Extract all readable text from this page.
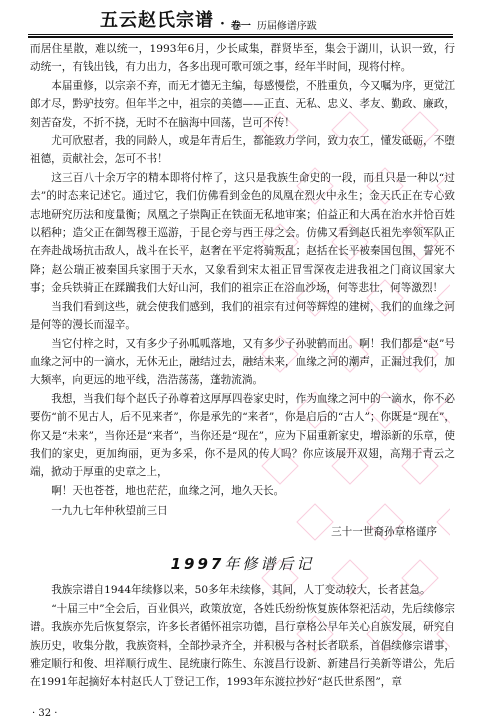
五云赵氏宗谱 · 卷一 历届修谱序跋

而居住星散，难以统一，1993年6月，少长咸集，群贤毕至，集会于湖川，认识一致，行动统一，有钱出钱，有力出力，各多出现可歌可颂之事，经年半时间，现将付梓。

本届重修，以宗亲不弃，而无才德无主编，每感慢偿，不胜重负，今又嘱为序，更觉江郎才尽，黔驴技穷。但年半之中，祖宗的美德——正直、无私、忠义、孝友、勤政、廉政，刻苦奋发，不折不挠，无时不在脑海中回荡，岂可不传！

尤可欣慰者，我的同龄人，或是年青后生，都能致力学问，致力农工，懂发砥砺，不堕祖德，贡献社会，怎可不书！

这三百八十余万字的精本即将付梓了，这只是我族生命史的一段，而且只是一种以“过去”的时态来记述它。通过它，我们仿佛看到金色的凤凰在烈火中永生；金天氏正在专心致志地研究历法和度量衡；凤凰之子崇陶正在铁面无私地审案；伯益正和大禹在治水并恰百姓以稻种；造父正在御驾穆王巡游，于昆仑旁与西王母之会。仿佛又看到赵氏祖先率领军队正在奔赴战场抗击敌人，战斗在长平，赵奢在平定将骑叛乱；赵括在长平被秦国包围，誓死不降；赵公瑞正被秦国兵家围于天水，又象看到宋太祖正冒雪深夜走进我祖之门商议国家大事；金兵铁骑正在蹂躏我们大好山河，我们的祖宗正在浴血沙场，何等悲壮，何等激烈！

当我们看到这些，就会使我们感到，我们的祖宗有过何等辉煌的建树，我们的血缘之河是何等的漫长而湿辛。

当它付梓之时，又有多少子孙呱呱落地，又有多少子孙驶鹤而出。啊！我们都是“赵”号血缘之河中的一滴水，无休无止，融结过去，融结未来，血缘之河的潮声，正漏过我们，加大频率，向更远的地平线，浩浩荡荡，蓬勃流淌。

我想，当我们每个赵氏子孙尊着这厚厚四卷家史时，作为血缘之河中的一滴水，你不必要伤“前不见古人，后不见来者”，你是承先的“来者”，你是启后的“古人”；你既是“现在”，你又是“未来”，当你还是“来者”，当你还是“现在”，应为下届重新家史，增添新的乐章，使我们的家史，更加绚丽，更为多采，你不是风的传人吗？你应该展开双翅，高翔于青云之端，掀动于厚重的史章之上，

啊！天也苍苍，地也茫茫，血缘之河，地久天长。

一九九七年仲秋望前三日

三十一世裔孙章格谨序

1997年修谱后记

我族宗谱自1944年续修以来，50多年未续修，其间，人丁变动较大，长者甚急。

“十届三中”全会后，百业俱兴，政策放宽，各姓氏纷纷恢复族体祭祀活动，先后续修宗谱。我族亦先后恢复祭宗，许多长者循怀祖宗功德，昌行章格公早年关心自族发展，研究自族历史，收集分散，我族资料，全部抄录齐全，并积极与各村长者联系，首倡续修宗谱事，雅定顺行和俊、坦祥顺行成生、昆统康行陈生、东渡昌行设新、新建昌行美新等谱公，先后在1991年起摘好本村赵氏人丁登记工作，1993年东渡拉抄好“赵氏世系图”，章

· 32 ·
